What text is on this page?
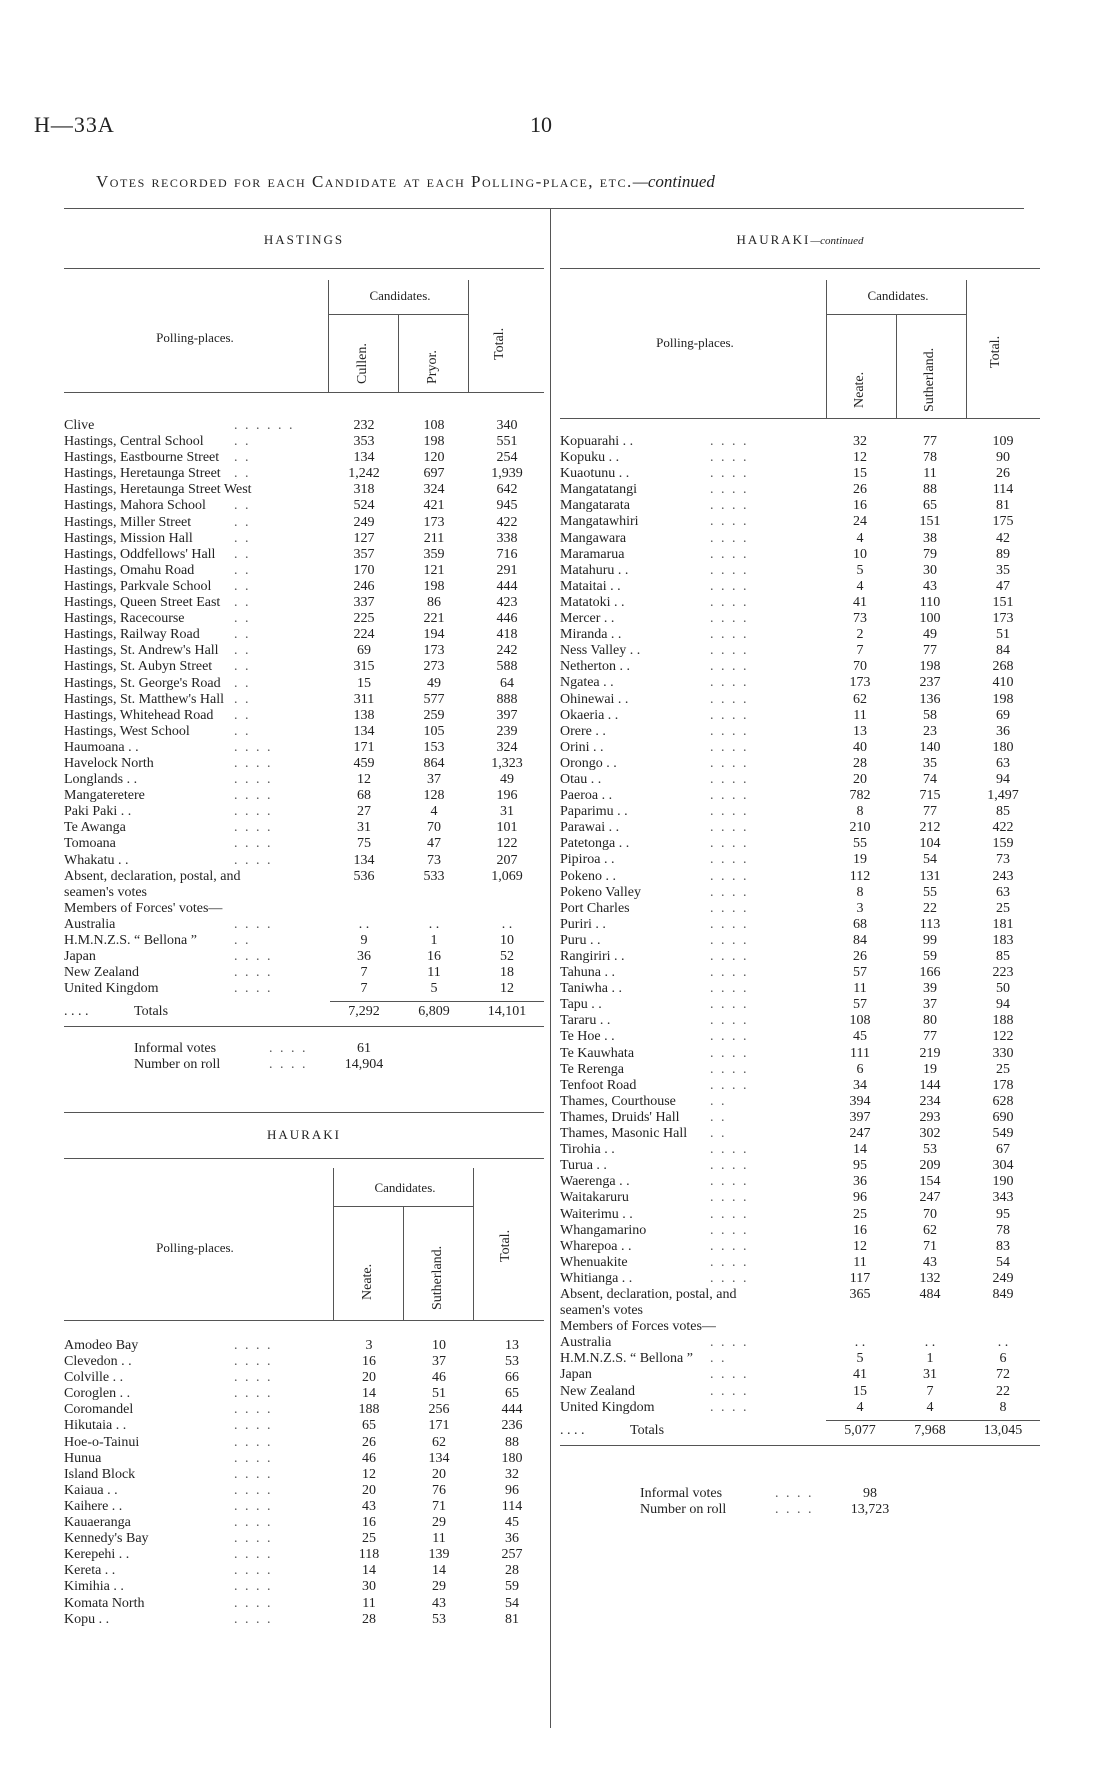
H—33A	10
Votes recorded for each Candidate at each Polling-place, etc.—continued
HASTINGS
Candidates.
Polling-places.
Cullen.	Pryor.
Total.
Clive	. . . . . .	232	108	340
Hastings, Central School . .	353	198	551
Hastings, Eastbourne Street . .	134	120	254
Hastings, Heretaunga Street . .	1,242	697	1,939
Hastings, Heretaunga Street West	318	324	642
Hastings, Mahora School . .	524	421	945
Hastings, Miller Street	. .	249	173	422
Hastings, Mission Hall	. .	127	211	338
Hastings, Oddfellows' Hall . .	357	359	716
Hastings, Omahu Road	. .	170	121	291
Hastings, Parkvale School . .	246	198	444
Hastings, Queen Street East . .	337	86	423
Hastings, Racecourse	. .	225	221	446
Hastings, Railway Road . .	224	194	418
Hastings, St. Andrew's Hall . .	69	173	242
Hastings, St. Aubyn Street . .	315	273	588
Hastings, St. George's Road . .	15	49	64
Hastings, St. Matthew's Hall . .	311	577	888
Hastings, Whitehead Road . .	138	259	397
Hastings, West School	. .	134	105	239
Haumoana . .	. . . .	171	153	324
Havelock North	. . . .	459	864	1,323
Longlands . .	. . . .	12	37	49
Mangateretere	. . . .	68	128	196
Paki Paki . .	. . . .	27	4	31
Te Awanga	. . . .	31	70	101
Tomoana	. . . .	75	47	122
Whakatu . .	. . . .	134	73	207
Absent, declaration, postal, and	536	533	1,069
seamen's votes
Members of Forces' votes—
Australia	. . . .	. .	. .	. .
H.M.N.Z.S. “ Bellona ”	. .	9	1	10
Japan	. . . .	36	16	52
New Zealand	. . . .	7	11	18
United Kingdom	. . . .	7	5	12
Totals
. . . .	7,292	6,809	14,101
Informal votes	. . . .	61
Number on roll	. . . .	14,904
HAURAKI
Candidates.
Polling-places.
Neate.	Sutherland.	Total.
Amodeo Bay	. . . .	3	10	13
Clevedon . .	. . . .	16	37	53
Colville . .	. . . .	20	46	66
Coroglen . .	. . . .	14	51	65
Coromandel	. . . .	188	256	444
Hikutaia . .	. . . .	65	171	236
Hoe-o-Tainui	. . . .	26	62	88
Hunua	. . . .	46	134	180
Island Block	. . . .	12	20	32
Kaiaua . .	. . . .	20	76	96
Kaihere . .	. . . .	43	71	114
Kauaeranga	. . . .	16	29	45
Kennedy's Bay	. . . .	25	11	36
Kerepehi . .	. . . .	118	139	257
Kereta . .	. . . .	14	14	28
Kimihia . .	. . . .	30	29	59
Komata North	. . . .	11	43	54
Kopu . .	. . . .	28	53	81
HAURAKI—continued
Candidates.
Polling-places.
Neate.	Sutherland.	Total.
Kopuarahi . .	. . . .	32	77	109
Kopuku . .	. . . .	12	78	90
Kuaotunu . .	. . . .	15	11	26
Mangatatangi	. . . .	26	88	114
Mangatarata	. . . .	16	65	81
Mangatawhiri	. . . .	24	151	175
Mangawara	. . . .	4	38	42
Maramarua	. . . .	10	79	89
Matahuru . .	. . . .	5	30	35
Mataitai . .	. . . .	4	43	47
Matatoki . .	. . . .	41	110	151
Mercer . .	. . . .	73	100	173
Miranda . .	. . . .	2	49	51
Ness Valley . .	. . . .	7	77	84
Netherton . .	. . . .	70	198	268
Ngatea . .	. . . .	173	237	410
Ohinewai . .	. . . .	62	136	198
Okaeria . .	. . . .	11	58	69
Orere . .	. . . .	13	23	36
Orini . .	. . . .	40	140	180
Orongo . .	. . . .	28	35	63
Otau . .	. . . .	20	74	94
Paeroa . .	. . . .	782	715	1,497
Paparimu . .	. . . .	8	77	85
Parawai . .	. . . .	210	212	422
Patetonga . .	. . . .	55	104	159
Pipiroa . .	. . . .	19	54	73
Pokeno . .	. . . .	112	131	243
Pokeno Valley	. . . .	8	55	63
Port Charles	. . . .	3	22	25
Puriri . .	. . . .	68	113	181
Puru . .	. . . .	84	99	183
Rangiriri . .	. . . .	26	59	85
Tahuna . .	. . . .	57	166	223
Taniwha . .	. . . .	11	39	50
Tapu . .	. . . .	57	37	94
Tararu . .	. . . .	108	80	188
Te Hoe . .	. . . .	45	77	122
Te Kauwhata	. . . .	111	219	330
Te Rerenga	. . . .	6	19	25
Tenfoot Road	. . . .	34	144	178
Thames, Courthouse . .	394	234	628
Thames, Druids' Hall . .	397	293	690
Thames, Masonic Hall . .	247	302	549
Tirohia . .	. . . .	14	53	67
Turua . .	. . . .	95	209	304
Waerenga . .	. . . .	36	154	190
Waitakaruru	. . . .	96	247	343
Waiterimu . .	. . . .	25	70	95
Whangamarino	. . . .	16	62	78
Wharepoa . .	. . . .	12	71	83
Whenuakite	. . . .	11	43	54
Whitianga . .	. . . .	117	132	249
Absent, declaration, postal, and	365	484	849
seamen's votes
Members of Forces votes—
Australia	. . . .	. .	. .	. .
H.M.N.Z.S. “ Bellona ” . .	5	1	6
Japan	. . . .	41	31	72
New Zealand	. . . .	15	7	22
United Kingdom	. . . .	4	4	8
Totals
. . . .	5,077	7,968	13,045
Informal votes	. . . .	98
Number on roll	. . . .	13,723
